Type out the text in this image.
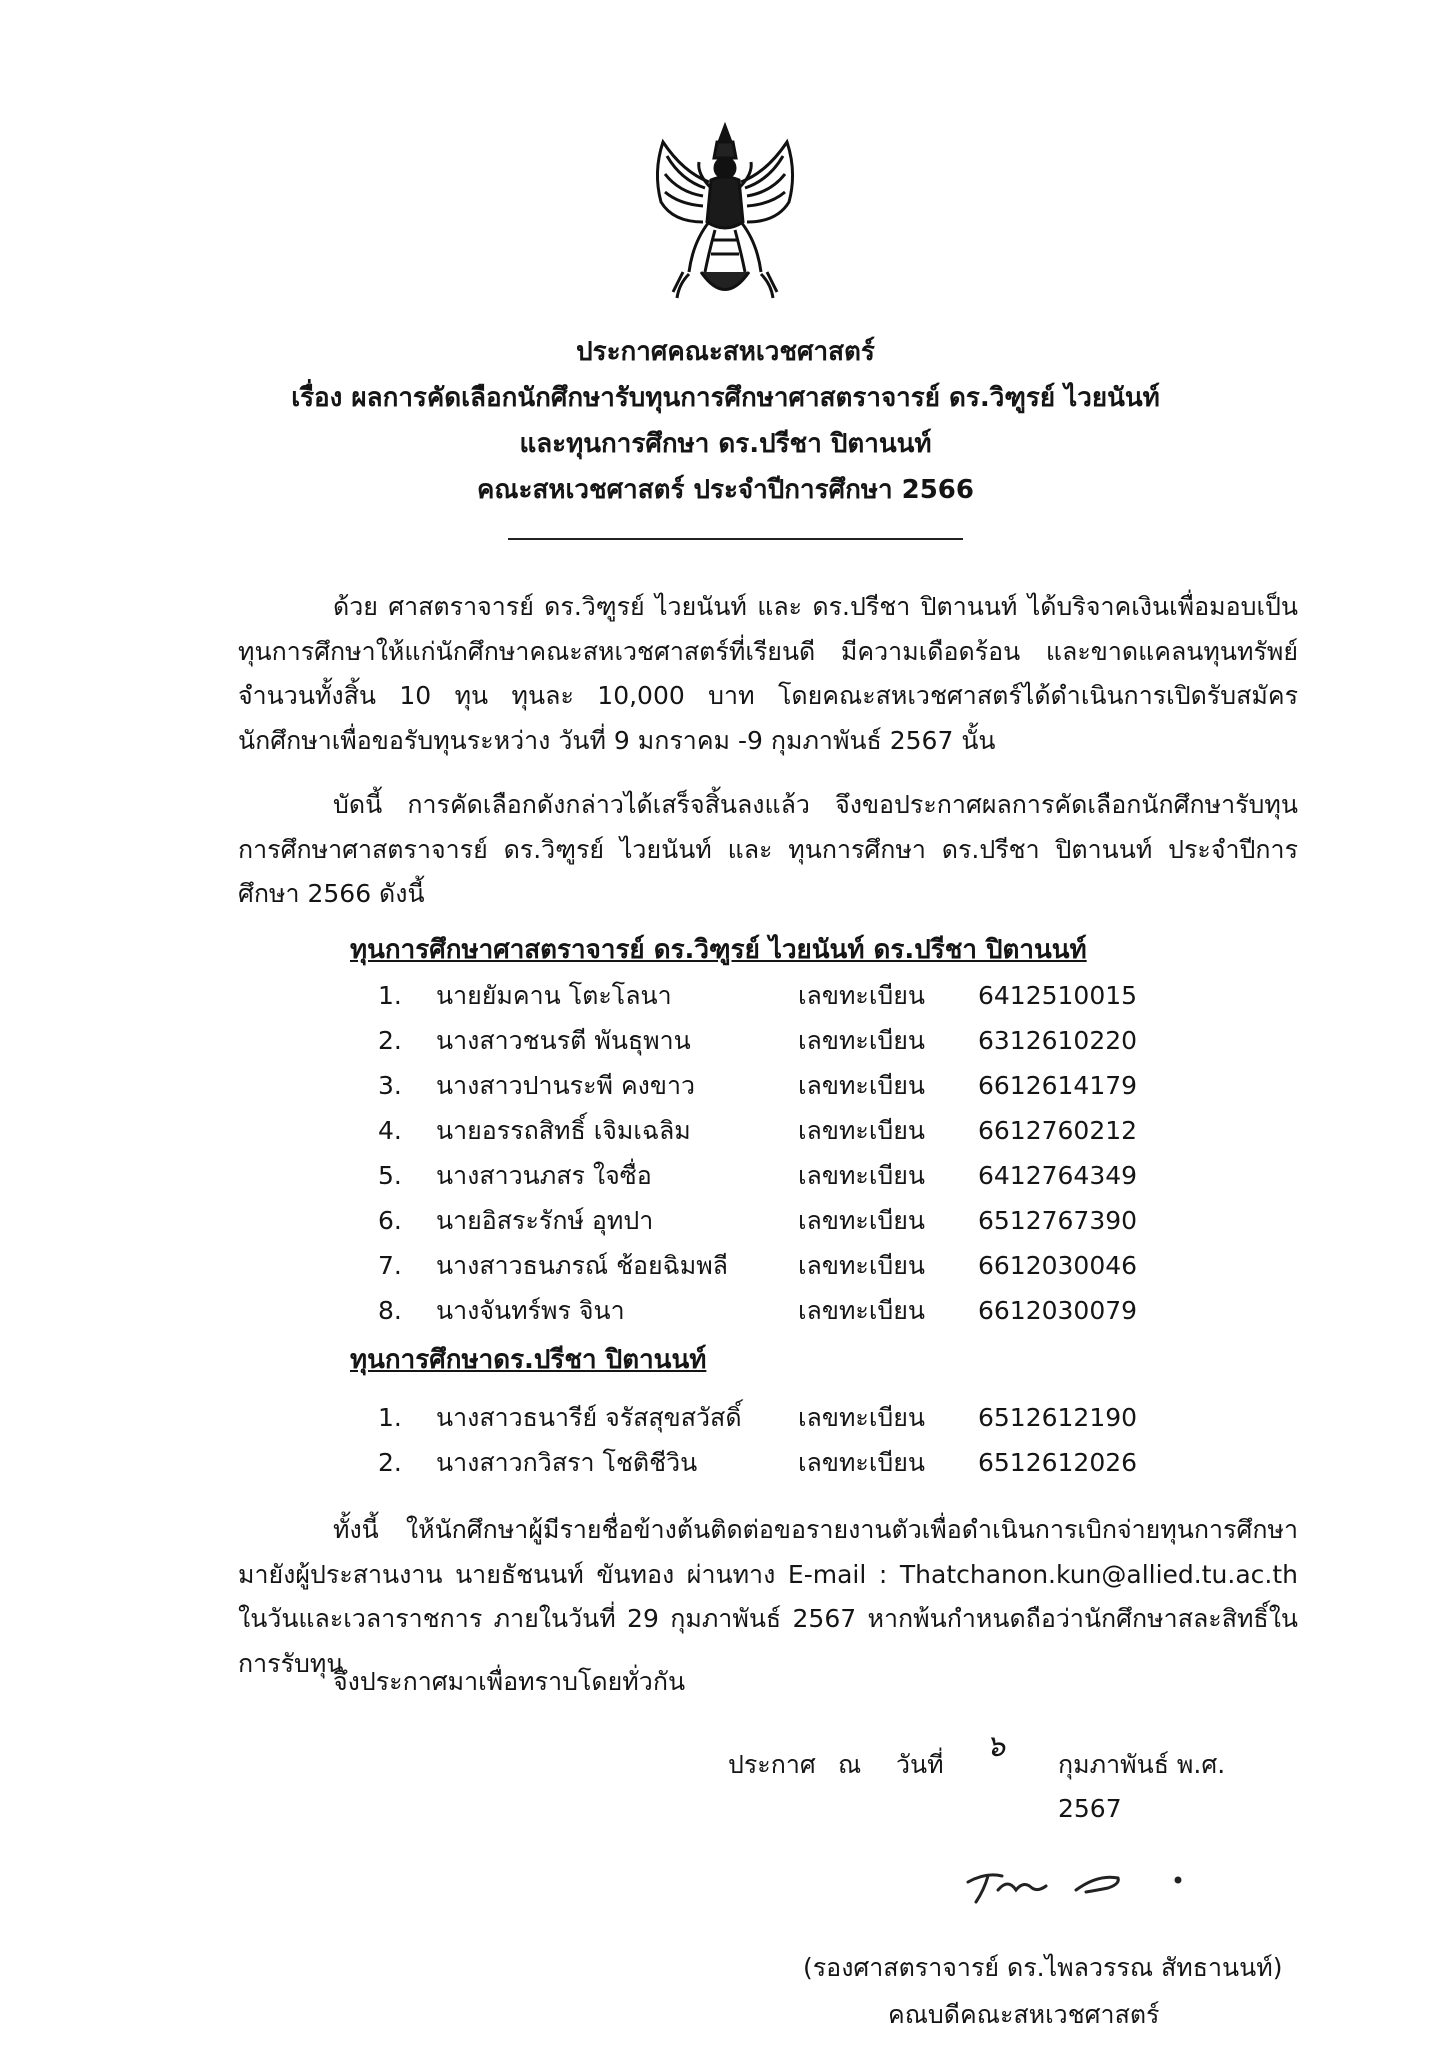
ประกาศคณะสหเวชศาสตร์
เรื่อง ผลการคัดเลือกนักศึกษารับทุนการศึกษาศาสตราจารย์ ดร.วิฑูรย์ ไวยนันท์
และทุนการศึกษา ดร.ปรีชา ปิตานนท์
คณะสหเวชศาสตร์ ประจำปีการศึกษา 2566
ด้วย ศาสตราจารย์ ดร.วิฑูรย์ ไวยนันท์ และ ดร.ปรีชา ปิตานนท์ ได้บริจาคเงินเพื่อมอบเป็นทุนการศึกษาให้แก่นักศึกษาคณะสหเวชศาสตร์ที่เรียนดี มีความเดือดร้อน และขาดแคลนทุนทรัพย์ จำนวนทั้งสิ้น 10 ทุน ทุนละ 10,000 บาท โดยคณะสหเวชศาสตร์ได้ดำเนินการเปิดรับสมัครนักศึกษาเพื่อขอรับทุนระหว่าง วันที่ 9 มกราคม -9 กุมภาพันธ์ 2567 นั้น
บัดนี้ การคัดเลือกดังกล่าวได้เสร็จสิ้นลงแล้ว จึงขอประกาศผลการคัดเลือกนักศึกษารับทุนการศึกษาศาสตราจารย์ ดร.วิฑูรย์ ไวยนันท์ และ ทุนการศึกษา ดร.ปรีชา ปิตานนท์ ประจำปีการศึกษา 2566 ดังนี้
ทุนการศึกษาศาสตราจารย์ ดร.วิฑูรย์ ไวยนันท์ ดร.ปรีชา ปิตานนท์
1.	นายยัมคาน โตะโลนา	เลขทะเบียน 6412510015
2.	นางสาวชนรตี พันธุพาน	เลขทะเบียน 6312610220
3.	นางสาวปานระพี คงขาว	เลขทะเบียน 6612614179
4.	นายอรรถสิทธิ์ เจิมเฉลิม	เลขทะเบียน 6612760212
5.	นางสาวนภสร ใจซื่อ	เลขทะเบียน 6412764349
6.	นายอิสระรักษ์ อุทปา	เลขทะเบียน 6512767390
7.	นางสาวธนภรณ์ ช้อยฉิมพลี	เลขทะเบียน 6612030046
8.	นางจันทร์พร จินา	เลขทะเบียน 6612030079
ทุนการศึกษาดร.ปรีชา ปิตานนท์
1.	นางสาวธนารีย์ จรัสสุขสวัสดิ์ เลขทะเบียน 6512612190
2.	นางสาวกวิสรา โชติชีวิน	เลขทะเบียน 6512612026
ทั้งนี้ ให้นักศึกษาผู้มีรายชื่อข้างต้นติดต่อขอรายงานตัวเพื่อดำเนินการเบิกจ่ายทุนการศึกษามายังผู้ประสานงาน นายธัชนนท์ ขันทอง ผ่านทาง E-mail : Thatchanon.kun@allied.tu.ac.th ในวันและเวลาราชการ ภายในวันที่ 29 กุมภาพันธ์ 2567 หากพ้นกำหนดถือว่านักศึกษาสละสิทธิ์ในการรับทุน
จึงประกาศมาเพื่อทราบโดยทั่วกัน
ประกาศ ณ วันที่
๖
กุมภาพันธ์ พ.ศ. 2567
(รองศาสตราจารย์ ดร.ไพลวรรณ สัทธานนท์)
คณบดีคณะสหเวชศาสตร์
